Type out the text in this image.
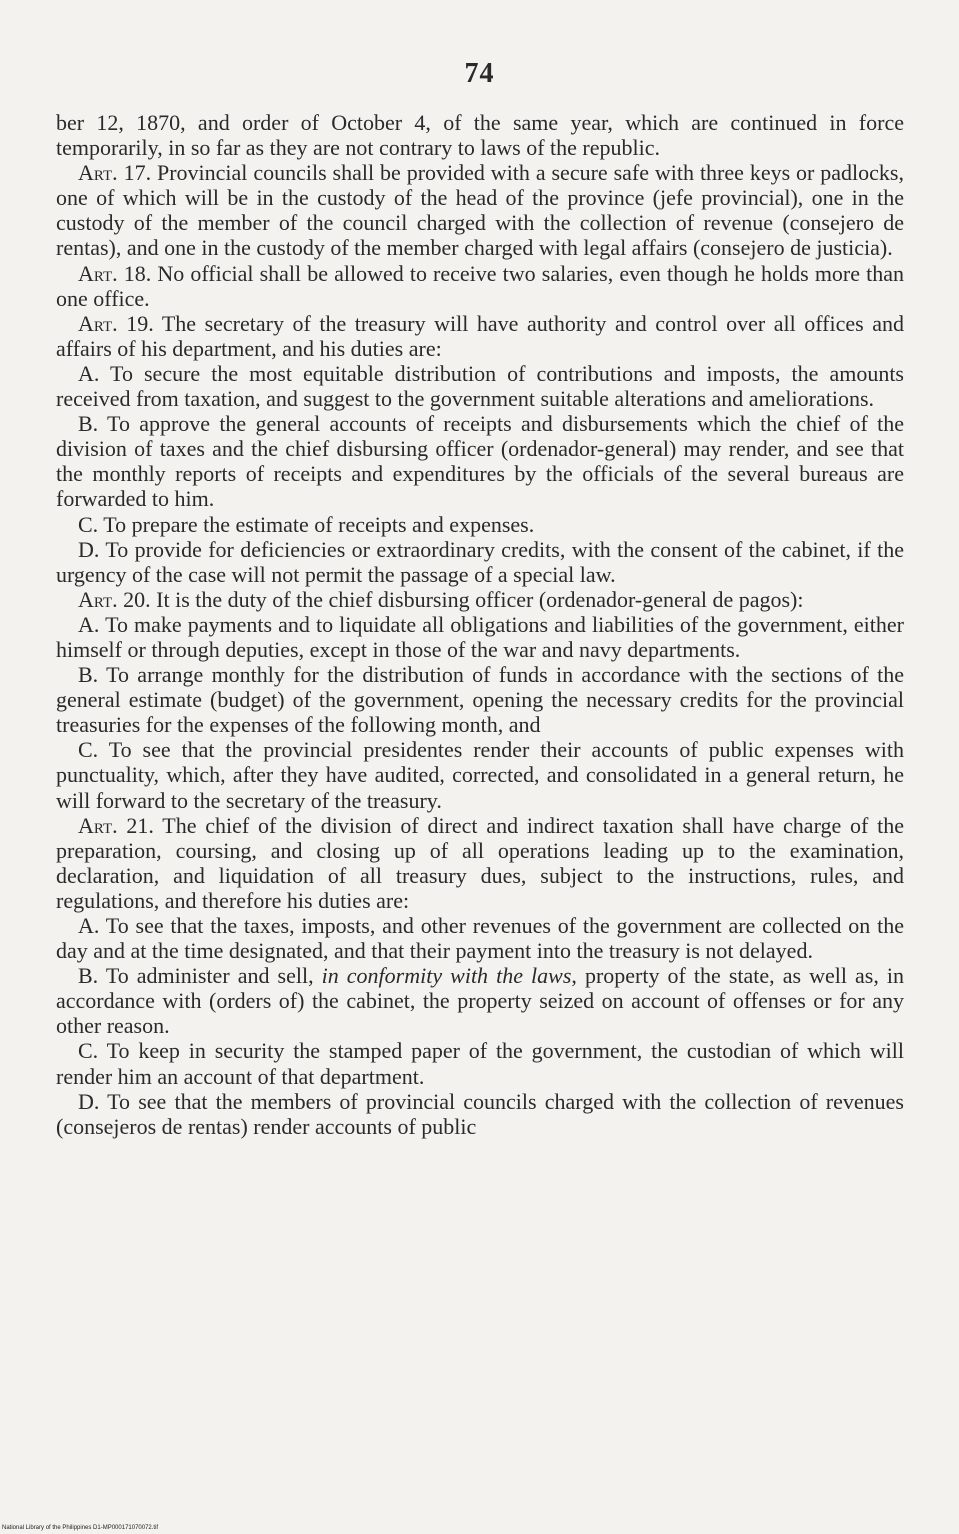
74

ber 12, 1870, and order of October 4, of the same year, which are continued in force temporarily, in so far as they are not contrary to laws of the republic.

Art. 17. Provincial councils shall be provided with a secure safe with three keys or padlocks, one of which will be in the custody of the head of the province (jefe provincial), one in the custody of the member of the council charged with the collection of revenue (consejero de rentas), and one in the custody of the member charged with legal affairs (consejero de justicia).

Art. 18. No official shall be allowed to receive two salaries, even though he holds more than one office.

Art. 19. The secretary of the treasury will have authority and control over all offices and affairs of his department, and his duties are:

A. To secure the most equitable distribution of contributions and imposts, the amounts received from taxation, and suggest to the government suitable alterations and ameliorations.

B. To approve the general accounts of receipts and disbursements which the chief of the division of taxes and the chief disbursing officer (ordenador-general) may render, and see that the monthly reports of receipts and expenditures by the officials of the several bureaus are forwarded to him.

C. To prepare the estimate of receipts and expenses.

D. To provide for deficiencies or extraordinary credits, with the consent of the cabinet, if the urgency of the case will not permit the passage of a special law.

Art. 20. It is the duty of the chief disbursing officer (ordenador-general de pagos):

A. To make payments and to liquidate all obligations and liabilities of the government, either himself or through deputies, except in those of the war and navy departments.

B. To arrange monthly for the distribution of funds in accordance with the sections of the general estimate (budget) of the government, opening the necessary credits for the provincial treasuries for the expenses of the following month, and

C. To see that the provincial presidentes render their accounts of public expenses with punctuality, which, after they have audited, corrected, and consolidated in a general return, he will forward to the secretary of the treasury.

Art. 21. The chief of the division of direct and indirect taxation shall have charge of the preparation, coursing, and closing up of all operations leading up to the examination, declaration, and liquidation of all treasury dues, subject to the instructions, rules, and regulations, and therefore his duties are:

A. To see that the taxes, imposts, and other revenues of the government are collected on the day and at the time designated, and that their payment into the treasury is not delayed.

B. To administer and sell, in conformity with the laws, property of the state, as well as, in accordance with (orders of) the cabinet, the property seized on account of offenses or for any other reason.

C. To keep in security the stamped paper of the government, the custodian of which will render him an account of that department.

D. To see that the members of provincial councils charged with the collection of revenues (consejeros de rentas) render accounts of public

National Library of the Philippines D1-MP000171070072.tif
